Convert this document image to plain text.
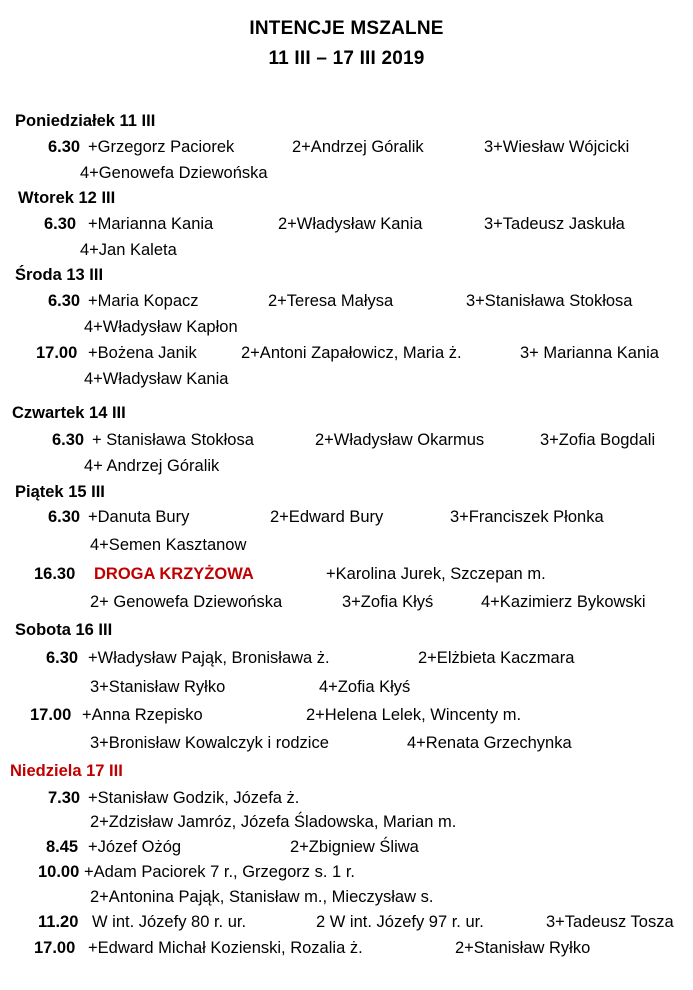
INTENCJE MSZALNE
11 III – 17 III 2019
Poniedziałek 11 III
6.30 +Grzegorz Paciorek	2+Andrzej Góralik	3+Wiesław Wójcicki
4+Genowefa Dziewońska
Wtorek 12 III
6.30 +Marianna Kania	2+Władysław Kania	3+Tadeusz Jaskuła
4+Jan Kaleta
Środa 13 III
6.30 +Maria Kopacz	2+Teresa Małysa	3+Stanisława Stokłosa
4+Władysław Kapłon
17.00 +Bożena Janik	2+Antoni Zapałowicz, Maria ż.	3+ Marianna Kania
4+Władysław Kania
Czwartek 14 III
6.30 + Stanisława Stokłosa	2+Władysław Okarmus	3+Zofia Bogdali
4+ Andrzej Góralik
Piątek 15 III
6.30 +Danuta Bury	2+Edward Bury	3+Franciszek Płonka
4+Semen Kasztanow
16.30 DROGA KRZYŻOWA	+Karolina Jurek, Szczepan m.
2+ Genowefa Dziewońska	3+Zofia Kłyś	4+Kazimierz Bykowski
Sobota 16 III
6.30 +Władysław Pająk, Bronisława ż.	2+Elżbieta Kaczmara
3+Stanisław Ryłko	4+Zofia Kłyś
17.00 +Anna Rzepisko	2+Helena Lelek, Wincenty m.
3+Bronisław Kowalczyk i rodzice	4+Renata Grzechynka
Niedziela 17 III
7.30 +Stanisław Godzik, Józefa ż.
2+Zdzisław Jamróz, Józefa Śladowska, Marian m.
8.45 +Józef Ożóg	2+Zbigniew Śliwa
10.00 +Adam Paciorek 7 r., Grzegorz s. 1 r.
2+Antonina Pająk, Stanisław m., Mieczysław s.
11.20 W int. Józefy 80 r. ur.	2 W int. Józefy 97 r. ur.	3+Tadeusz Tosza
17.00 +Edward Michał Kozienski, Rozalia ż.	2+Stanisław Ryłko
